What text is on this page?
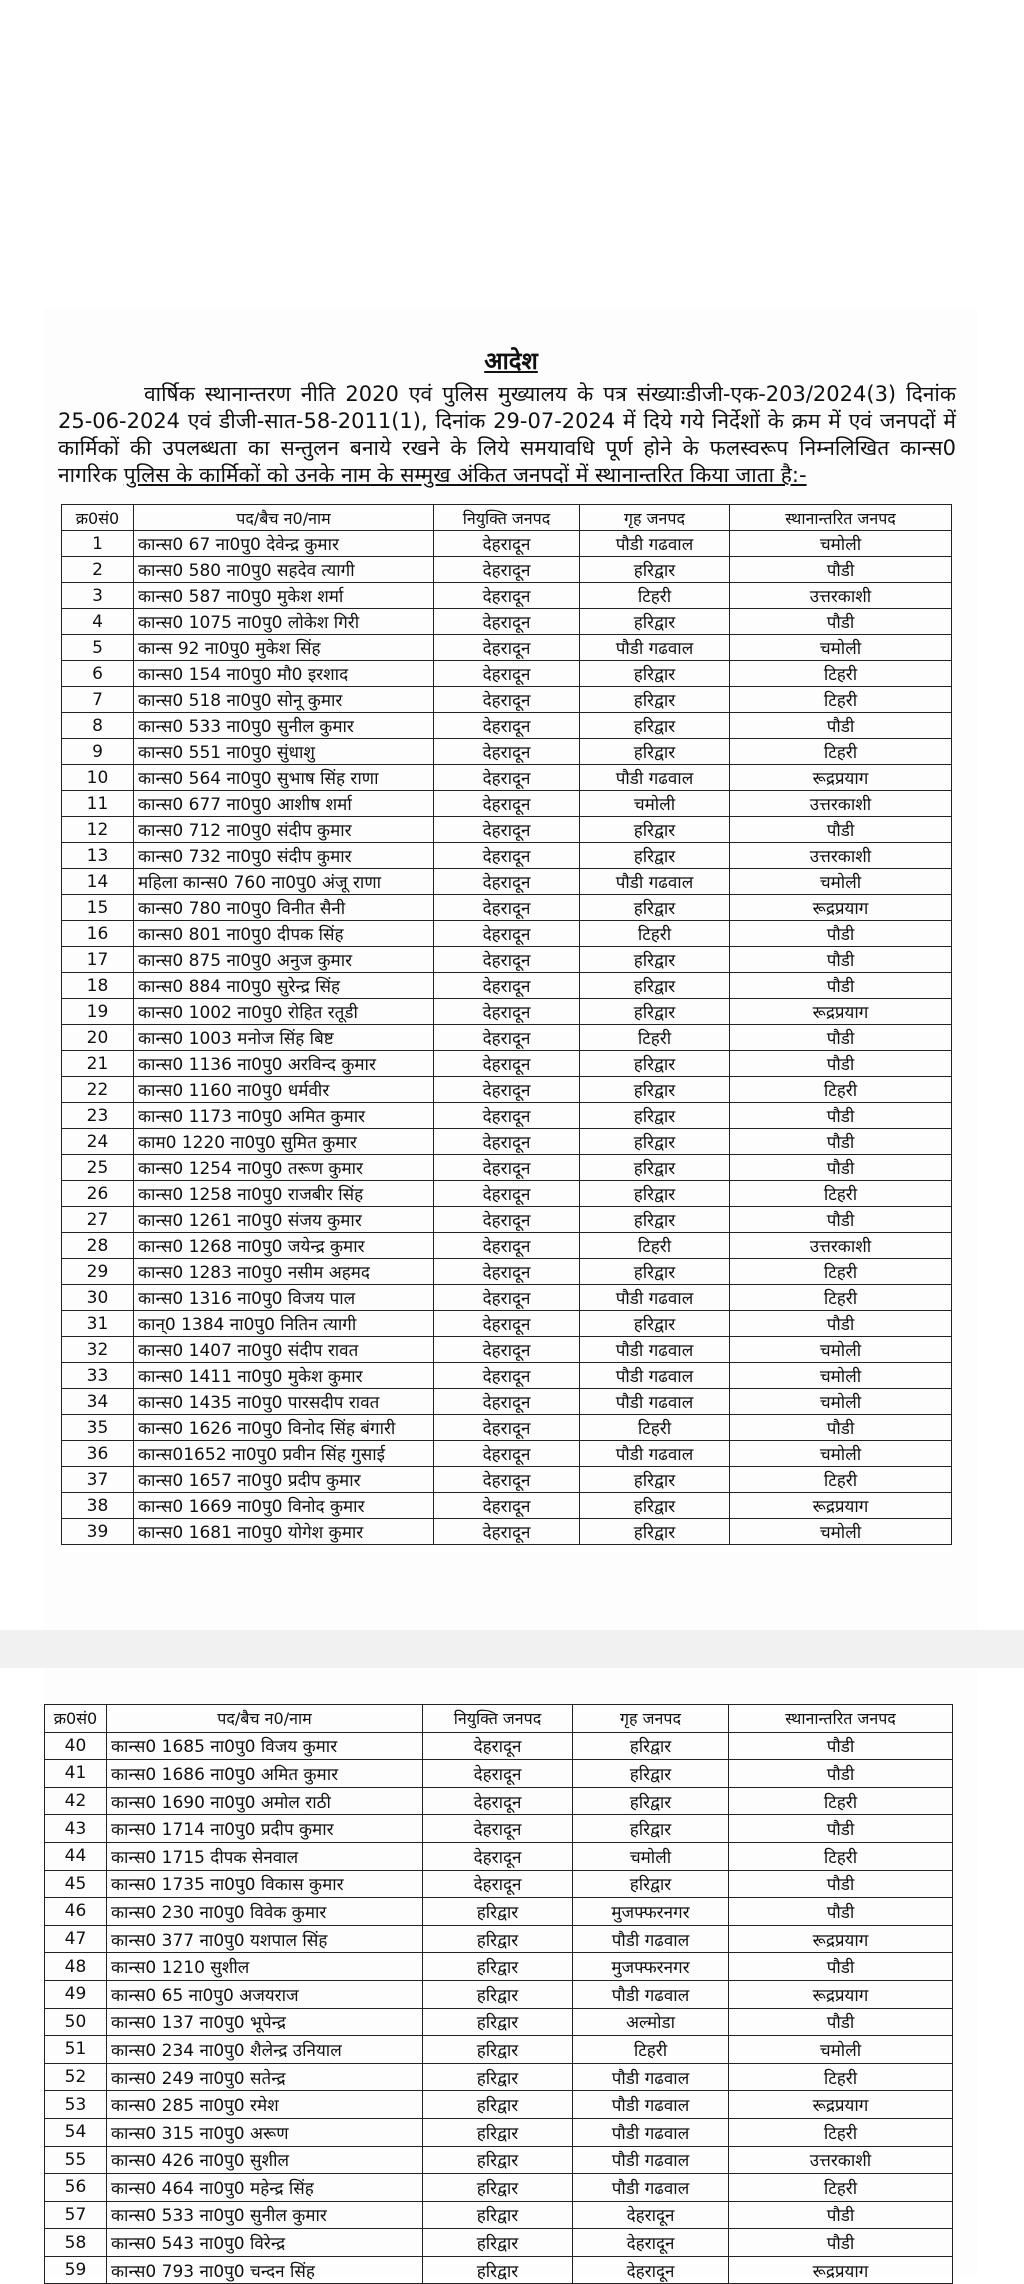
आदेश
वार्षिक स्थानान्तरण नीति 2020 एवं पुलिस मुख्यालय के पत्र संख्याःडीजी-एक-203/2024(3) दिनांक 25-06-2024 एवं डीजी-सात-58-2011(1), दिनांक 29-07-2024 में दिये गये निर्देशों के क्रम में एवं जनपदों में कार्मिकों की उपलब्धता का सन्तुलन बनाये रखने के लिये समयावधि पूर्ण होने के फलस्वरूप निम्नलिखित कान्स0 नागरिक पुलिस के कार्मिकों को उनके नाम के सम्मुख अंकित जनपदों में स्थानान्तरित किया जाता है:-
क्र0सं0	पद/बैच न0/नाम	नियुक्ति जनपद	गृह जनपद	स्थानान्तरित जनपद
1	कान्स0 67 ना0पु0 देवेन्द्र कुमार	देहरादून	पौडी गढवाल	चमोली
2	कान्स0 580 ना0पु0 सहदेव त्यागी	देहरादून	हरिद्वार	पौडी
3	कान्स0 587 ना0पु0 मुकेश शर्मा	देहरादून	टिहरी	उत्तरकाशी
4	कान्स0 1075 ना0पु0 लोकेश गिरी	देहरादून	हरिद्वार	पौडी
5	कान्स 92 ना0पु0 मुकेश सिंह	देहरादून	पौडी गढवाल	चमोली
6	कान्स0 154 ना0पु0 मौ0 इरशाद	देहरादून	हरिद्वार	टिहरी
7	कान्स0 518 ना0पु0 सोनू कुमार	देहरादून	हरिद्वार	टिहरी
8	कान्स0 533 ना0पु0 सुनील कुमार	देहरादून	हरिद्वार	पौडी
9	कान्स0 551 ना0पु0 सुंधाशु	देहरादून	हरिद्वार	टिहरी
10	कान्स0 564 ना0पु0 सुभाष सिंह राणा	देहरादून	पौडी गढवाल	रूद्रप्रयाग
11	कान्स0 677 ना0पु0 आशीष शर्मा	देहरादून	चमोली	उत्तरकाशी
12	कान्स0 712 ना0पु0 संदीप कुमार	देहरादून	हरिद्वार	पौडी
13	कान्स0 732 ना0पु0 संदीप कुमार	देहरादून	हरिद्वार	उत्तरकाशी
14	महिला कान्स0 760 ना0पु0 अंजू राणा	देहरादून	पौडी गढवाल	चमोली
15	कान्स0 780 ना0पु0 विनीत सैनी	देहरादून	हरिद्वार	रूद्रप्रयाग
16	कान्स0 801 ना0पु0 दीपक सिंह	देहरादून	टिहरी	पौडी
17	कान्स0 875 ना0पु0 अनुज कुमार	देहरादून	हरिद्वार	पौडी
18	कान्स0 884 ना0पु0 सुरेन्द्र सिंह	देहरादून	हरिद्वार	पौडी
19	कान्स0 1002 ना0पु0 रोहित रतूडी	देहरादून	हरिद्वार	रूद्रप्रयाग
20	कान्स0 1003 मनोज सिंह बिष्ट	देहरादून	टिहरी	पौडी
21	कान्स0 1136 ना0पु0 अरविन्द कुमार	देहरादून	हरिद्वार	पौडी
22	कान्स0 1160 ना0पु0 धर्मवीर	देहरादून	हरिद्वार	टिहरी
23	कान्स0 1173 ना0पु0 अमित कुमार	देहरादून	हरिद्वार	पौडी
24	काम0 1220 ना0पु0 सुमित कुमार	देहरादून	हरिद्वार	पौडी
25	कान्स0 1254 ना0पु0 तरूण कुमार	देहरादून	हरिद्वार	पौडी
26	कान्स0 1258 ना0पु0 राजबीर सिंह	देहरादून	हरिद्वार	टिहरी
27	कान्स0 1261 ना0पु0 संजय कुमार	देहरादून	हरिद्वार	पौडी
28	कान्स0 1268 ना0पु0 जयेन्द्र कुमार	देहरादून	टिहरी	उत्तरकाशी
29	कान्स0 1283 ना0पु0 नसीम अहमद	देहरादून	हरिद्वार	टिहरी
30	कान्स0 1316 ना0पु0 विजय पाल	देहरादून	पौडी गढवाल	टिहरी
31	कान्0 1384 ना0पु0 नितिन त्यागी	देहरादून	हरिद्वार	पौडी
32	कान्स0 1407 ना0पु0 संदीप रावत	देहरादून	पौडी गढवाल	चमोली
33	कान्स0 1411 ना0पु0 मुकेश कुमार	देहरादून	पौडी गढवाल	चमोली
34	कान्स0 1435 ना0पु0 पारसदीप रावत	देहरादून	पौडी गढवाल	चमोली
35	कान्स0 1626 ना0पु0 विनोद सिंह बंगारी	देहरादून	टिहरी	पौडी
36	कान्स01652 ना0पु0 प्रवीन सिंह गुसाई	देहरादून	पौडी गढवाल	चमोली
37	कान्स0 1657 ना0पु0 प्रदीप कुमार	देहरादून	हरिद्वार	टिहरी
38	कान्स0 1669 ना0पु0 विनोद कुमार	देहरादून	हरिद्वार	रूद्रप्रयाग
39	कान्स0 1681 ना0पु0 योगेश कुमार	देहरादून	हरिद्वार	चमोली
क्र0सं0	पद/बैच न0/नाम	नियुक्ति जनपद	गृह जनपद	स्थानान्तरित जनपद
40	कान्स0 1685 ना0पु0 विजय कुमार	देहरादून	हरिद्वार	पौडी
41	कान्स0 1686 ना0पु0 अमित कुमार	देहरादून	हरिद्वार	पौडी
42	कान्स0 1690 ना0पु0 अमोल राठी	देहरादून	हरिद्वार	टिहरी
43	कान्स0 1714 ना0पु0 प्रदीप कुमार	देहरादून	हरिद्वार	पौडी
44	कान्स0 1715 दीपक सेनवाल	देहरादून	चमोली	टिहरी
45	कान्स0 1735 ना0पु0 विकास कुमार	देहरादून	हरिद्वार	पौडी
46	कान्स0 230 ना0पु0 विवेक कुमार	हरिद्वार	मुजफ्फरनगर	पौडी
47	कान्स0 377 ना0पु0 यशपाल सिंह	हरिद्वार	पौडी गढवाल	रूद्रप्रयाग
48	कान्स0 1210 सुशील	हरिद्वार	मुजफ्फरनगर	पौडी
49	कान्स0 65 ना0पु0 अजयराज	हरिद्वार	पौडी गढवाल	रूद्रप्रयाग
50	कान्स0 137 ना0पु0 भूपेन्द्र	हरिद्वार	अल्मोडा	पौडी
51	कान्स0 234 ना0पु0 शैलेन्द्र उनियाल	हरिद्वार	टिहरी	चमोली
52	कान्स0 249 ना0पु0 सतेन्द्र	हरिद्वार	पौडी गढवाल	टिहरी
53	कान्स0 285 ना0पु0 रमेश	हरिद्वार	पौडी गढवाल	रूद्रप्रयाग
54	कान्स0 315 ना0पु0 अरूण	हरिद्वार	पौडी गढवाल	टिहरी
55	कान्स0 426 ना0पु0 सुशील	हरिद्वार	पौडी गढवाल	उत्तरकाशी
56	कान्स0 464 ना0पु0 महेन्द्र सिंह	हरिद्वार	पौडी गढवाल	टिहरी
57	कान्स0 533 ना0पु0 सुनील कुमार	हरिद्वार	देहरादून	पौडी
58	कान्स0 543 ना0पु0 विरेन्द्र	हरिद्वार	देहरादून	पौडी
59	कान्स0 793 ना0पु0 चन्दन सिंह	हरिद्वार	देहरादून	रूद्रप्रयाग
